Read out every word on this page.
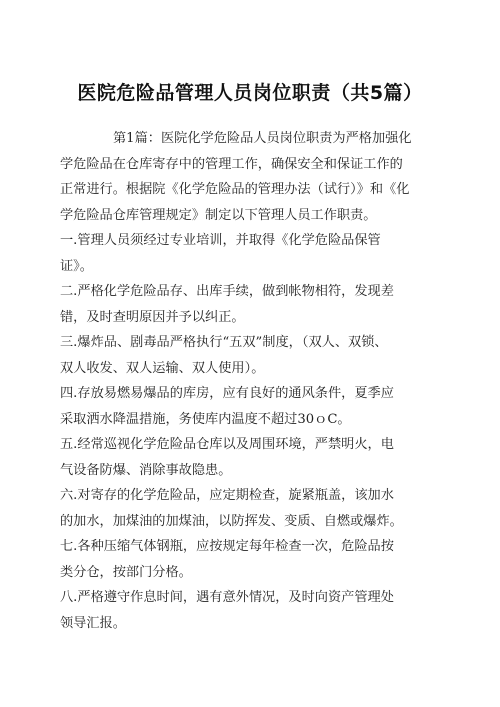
医院危险品管理人员岗位职责（共5篇）
第1篇：医院化学危险品人员岗位职责为严格加强化
学危险品在仓库寄存中的管理工作，确保安全和保证工作的
正常进行。根据院《化学危险品的管理办法（试行）》和《化
学危险品仓库管理规定》制定以下管理人员工作职责。
一.管理人员须经过专业培训，并取得《化学危险品保管
证》。
二.严格化学危险品存、出库手续，做到帐物相符，发现差
错，及时查明原因并予以纠正。
三.爆炸品、剧毒品严格执行“五双”制度，（双人、双锁、
双人收发、双人运输、双人使用）。
四.存放易燃易爆品的库房，应有良好的通风条件，夏季应
采取洒水降温措施，务使库内温度不超过30ｏC。
五.经常巡视化学危险品仓库以及周围环境，严禁明火，电
气设备防爆、消除事故隐患。
六.对寄存的化学危险品，应定期检查，旋紧瓶盖，该加水
的加水，加煤油的加煤油，以防挥发、变质、自燃或爆炸。
七.各种压缩气体钢瓶，应按规定每年检查一次，危险品按
类分仓，按部门分格。
八.严格遵守作息时间，遇有意外情况，及时向资产管理处
领导汇报。
